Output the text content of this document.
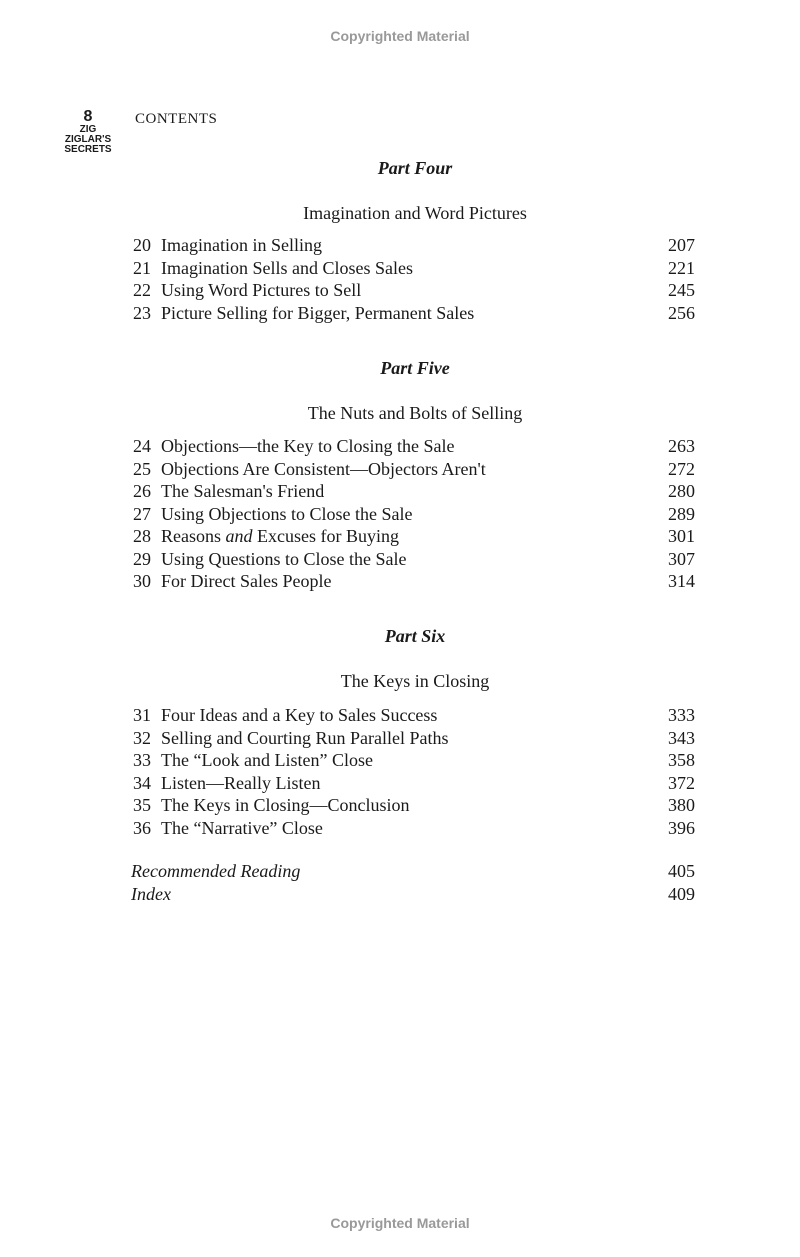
Copyrighted Material
8
ZIG
ZIGLAR'S
SECRETS
CONTENTS
Part Four
Imagination and Word Pictures
20 Imagination in Selling	207
21 Imagination Sells and Closes Sales	221
22 Using Word Pictures to Sell	245
23 Picture Selling for Bigger, Permanent Sales	256
Part Five
The Nuts and Bolts of Selling
24 Objections—the Key to Closing the Sale	263
25 Objections Are Consistent—Objectors Aren't	272
26 The Salesman's Friend	280
27 Using Objections to Close the Sale	289
28 Reasons and Excuses for Buying	301
29 Using Questions to Close the Sale	307
30 For Direct Sales People	314
Part Six
The Keys in Closing
31 Four Ideas and a Key to Sales Success	333
32 Selling and Courting Run Parallel Paths	343
33 The “Look and Listen” Close	358
34 Listen—Really Listen	372
35 The Keys in Closing—Conclusion	380
36 The “Narrative” Close	396
Recommended Reading	405
Index	409
Copyrighted Material
